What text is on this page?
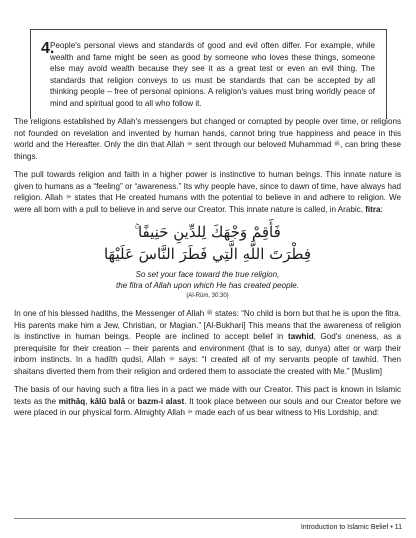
4.

People's personal views and standards of good and evil often differ. For example, while wealth and fame might be seen as good by someone who loves these things, someone else may avoid wealth because they see it as a great test or even an evil thing. The standards that religion conveys to us must be standards that can be accepted by all thinking people – free of personal opinions. A religion's values must bring worldly peace of mind and spiritual good to all who follow it.

The religions established by Allah's messengers but changed or corrupted by people over time, or religions not founded on revelation and invented by human hands, cannot bring true happiness and peace in this world and the Hereafter. Only the din that Allah ﷻ sent through our beloved Muhammad ﷺ, can bring these things.

The pull towards religion and faith in a higher power is instinctive to human beings. This innate nature is given to humans as a “feeling” or “awareness.” Its why people have, since to dawn of time, have always had religion. Allah ﷻ states that He created humans with the potential to believe in and adhere to religion. We were all born with a pull to believe in and serve our Creator. This innate nature is called, in Arabic, fitra:

فَأَقِمْ وَجْهَكَ لِلدِّينِ حَنِيفًا ۚ
فِطْرَتَ اللَّهِ الَّتِي فَطَرَ النَّاسَ عَلَيْهَا
So set your face toward the true religion,
the fitra of Allah upon which He has created people.
(Al-Rūm, 30:30)

In one of his blessed hadiths, the Messenger of Allah ﷺ states: “No child is born but that he is upon the fitra. His parents make him a Jew, Christian, or Magian.” [Al-Bukhari] This means that the awareness of religion is instinctive in human beings. People are inclined to accept belief in tawhid, God's oneness, as a prerequisite for their creation – their parents and environment (that is to say, dunya) alter or warp their inborn instincts. In a hadīth qudsī, Allah ﷻ says: “I created all of my servants people of tawhīd. Then shaitans diverted them from their religion and ordered them to associate the created with Me.” [Muslim]

The basis of our having such a fitra lies in a pact we made with our Creator. This pact is known in Islamic texts as the mithāq, kālū balā or bazm-i alast. It took place between our souls and our Creator before we were placed in our physical form. Almighty Allah ﷻ made each of us bear witness to His Lordship, and:

Introduction to Islamic Belief • 11
